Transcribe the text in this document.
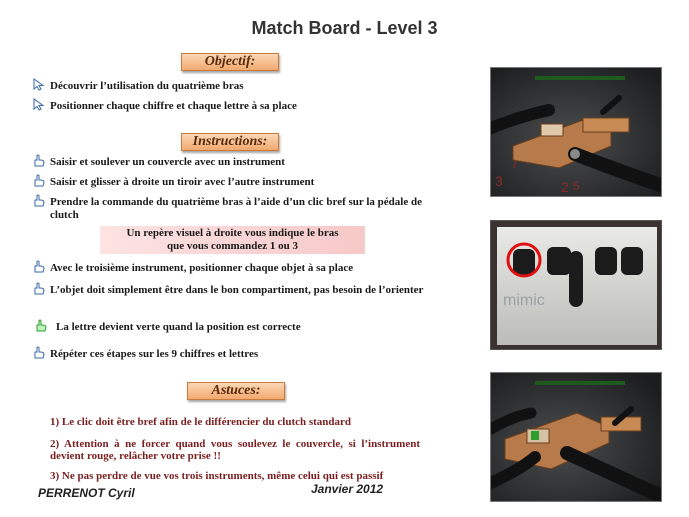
Match Board - Level 3
Objectif:
Découvrir l’utilisation du quatrième bras
Positionner chaque chiffre et chaque lettre à sa place
Instructions:
Saisir et soulever un couvercle avec un instrument
Saisir et glisser à droite un tiroir avec l’autre instrument
Prendre la commande du quatrième bras à l’aide d’un clic bref sur la pédale de clutch
Un repère visuel à droite vous indique le bras
que vous commandez 1 ou 3
Avec le troisième instrument, positionner chaque objet à sa place
L’objet doit simplement être dans le bon compartiment, pas besoin de l’orienter
La lettre devient verte quand la position est correcte
Répéter ces étapes sur les 9 chiffres et lettres
Astuces:
1) Le clic doit être bref afin de le différencier du clutch standard
2) Attention à ne forcer quand vous soulevez le couvercle, si l’instrument devient rouge, relâcher votre prise !!
3) Ne pas perdre de vue vos trois instruments, même celui qui est passif
PERRENOT Cyril	Janvier 2012
7
3	2 5
mimic
